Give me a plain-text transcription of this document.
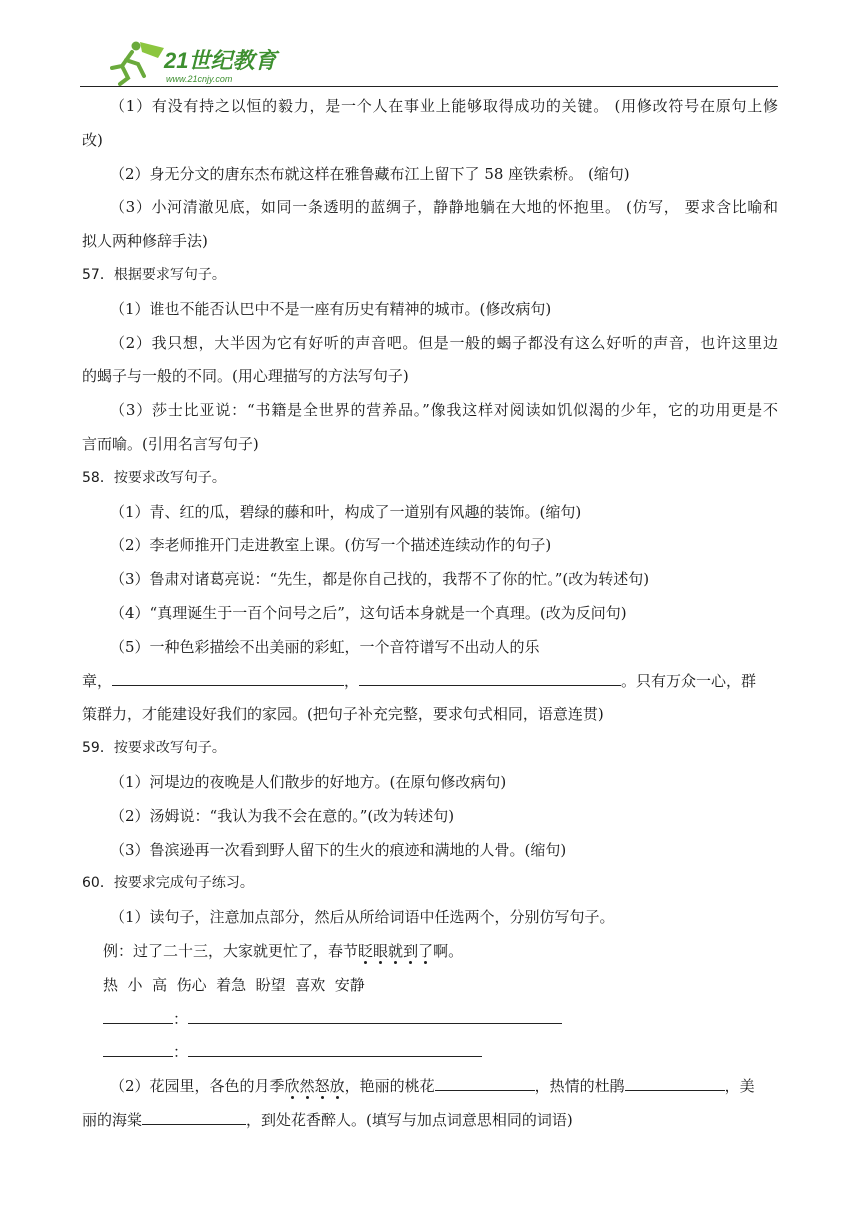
21世纪教育
www.21cnjy.com
（1）有没有持之以恒的毅力，是一个人在事业上能够取得成功的关键。 (用修改符号在原句上修
改)
（2）身无分文的唐东杰布就这样在雅鲁藏布江上留下了 58 座铁索桥。 (缩句)
（3）小河清澈见底，如同一条透明的蓝绸子，静静地躺在大地的怀抱里。 (仿写， 要求含比喻和
拟人两种修辞手法)
57．根据要求写句子。
（1）谁也不能否认巴中不是一座有历史有精神的城市。(修改病句)
（2）我只想，大半因为它有好听的声音吧。但是一般的蝎子都没有这么好听的声音，也许这里边
的蝎子与一般的不同。(用心理描写的方法写句子)
（3）莎士比亚说：“书籍是全世界的营养品。”像我这样对阅读如饥似渴的少年，它的功用更是不
言而喻。(引用名言写句子)
58．按要求改写句子。
（1）青、红的瓜，碧绿的藤和叶，构成了一道别有风趣的装饰。(缩句)
（2）李老师推开门走进教室上课。(仿写一个描述连续动作的句子)
（3）鲁肃对诸葛亮说：“先生，都是你自己找的，我帮不了你的忙。”(改为转述句)
（4）“真理诞生于一百个问号之后”，这句话本身就是一个真理。(改为反问句)
（5）一种色彩描绘不出美丽的彩虹，一个音符谱写不出动人的乐
章，	，	。只有万众一心，群
策群力，才能建设好我们的家园。(把句子补充完整，要求句式相同，语意连贯)
59．按要求改写句子。
（1）河堤边的夜晚是人们散步的好地方。(在原句修改病句)
（2）汤姆说：“我认为我不会在意的。”(改为转述句)
（3）鲁滨逊再一次看到野人留下的生火的痕迹和满地的人骨。(缩句)
60．按要求完成句子练习。
（1）读句子，注意加点部分，然后从所给词语中任选两个，分别仿写句子。
例：过了二十三，大家就更忙了，春节眨眼就到了啊。
热  小  高  伤心  着急  盼望  喜欢  安静
：
：
（2）花园里，各色的月季欣然怒放，艳丽的桃花	，热情的杜鹃	，美
丽的海棠	，到处花香醉人。(填写与加点词意思相同的词语)
